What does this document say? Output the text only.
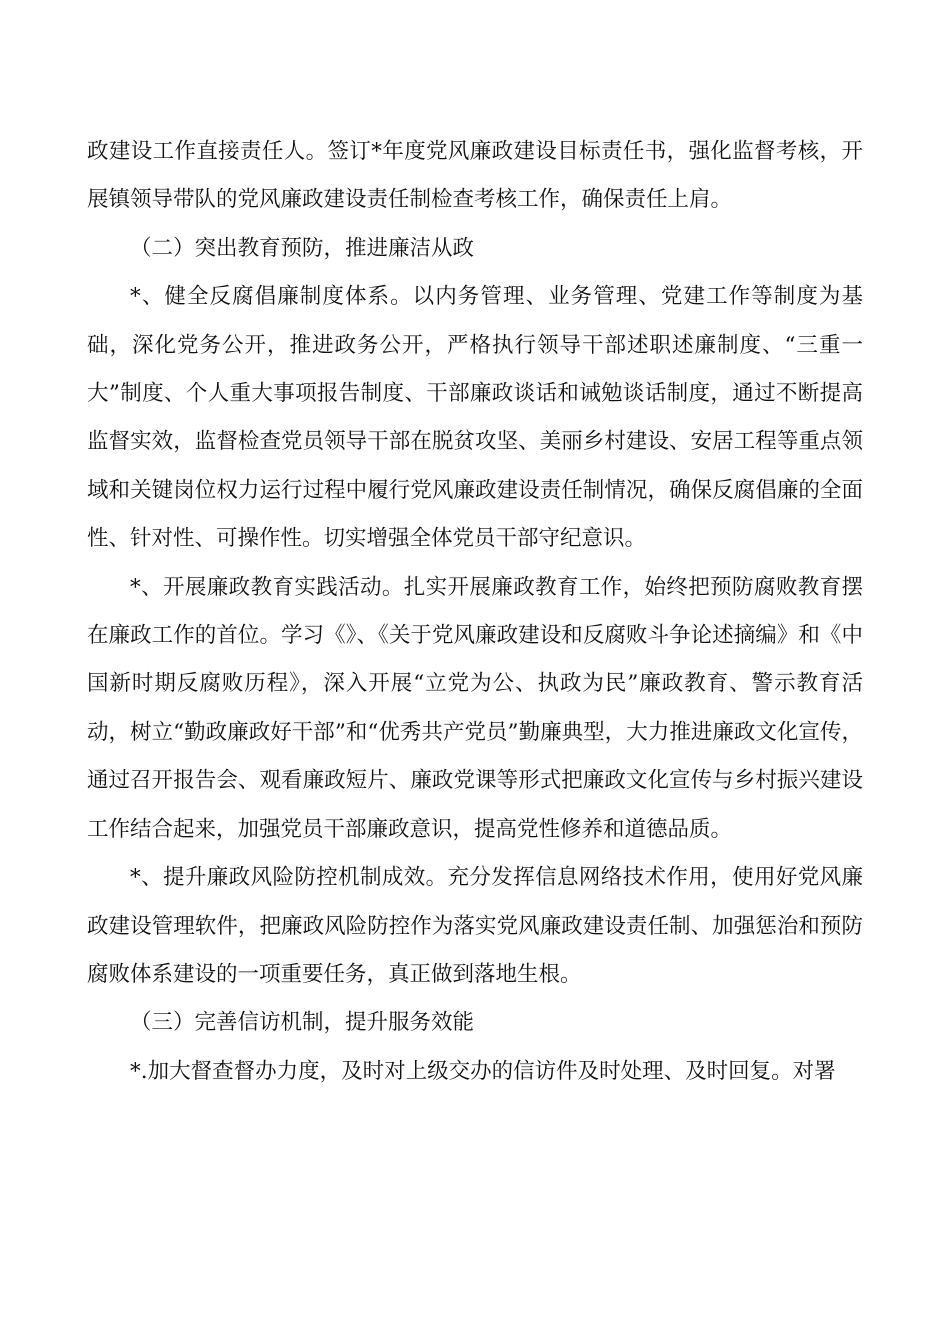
政建设工作直接责任人。签订*年度党风廉政建设目标责任书，强化监督考核，开展镇领导带队的党风廉政建设责任制检查考核工作，确保责任上肩。

（二）突出教育预防，推进廉洁从政

*、健全反腐倡廉制度体系。以内务管理、业务管理、党建工作等制度为基础，深化党务公开，推进政务公开，严格执行领导干部述职述廉制度、“三重一大”制度、个人重大事项报告制度、干部廉政谈话和诫勉谈话制度，通过不断提高监督实效，监督检查党员领导干部在脱贫攻坚、美丽乡村建设、安居工程等重点领域和关键岗位权力运行过程中履行党风廉政建设责任制情况，确保反腐倡廉的全面性、针对性、可操作性。切实增强全体党员干部守纪意识。

*、开展廉政教育实践活动。扎实开展廉政教育工作，始终把预防腐败教育摆在廉政工作的首位。学习《》、《关于党风廉政建设和反腐败斗争论述摘编》和《中国新时期反腐败历程》，深入开展“立党为公、执政为民”廉政教育、警示教育活动，树立“勤政廉政好干部”和“优秀共产党员”勤廉典型，大力推进廉政文化宣传，通过召开报告会、观看廉政短片、廉政党课等形式把廉政文化宣传与乡村振兴建设工作结合起来，加强党员干部廉政意识，提高党性修养和道德品质。

*、提升廉政风险防控机制成效。充分发挥信息网络技术作用，使用好党风廉政建设管理软件，把廉政风险防控作为落实党风廉政建设责任制、加强惩治和预防腐败体系建设的一项重要任务，真正做到落地生根。

（三）完善信访机制，提升服务效能

*.加大督查督办力度，及时对上级交办的信访件及时处理、及时回复。对署
